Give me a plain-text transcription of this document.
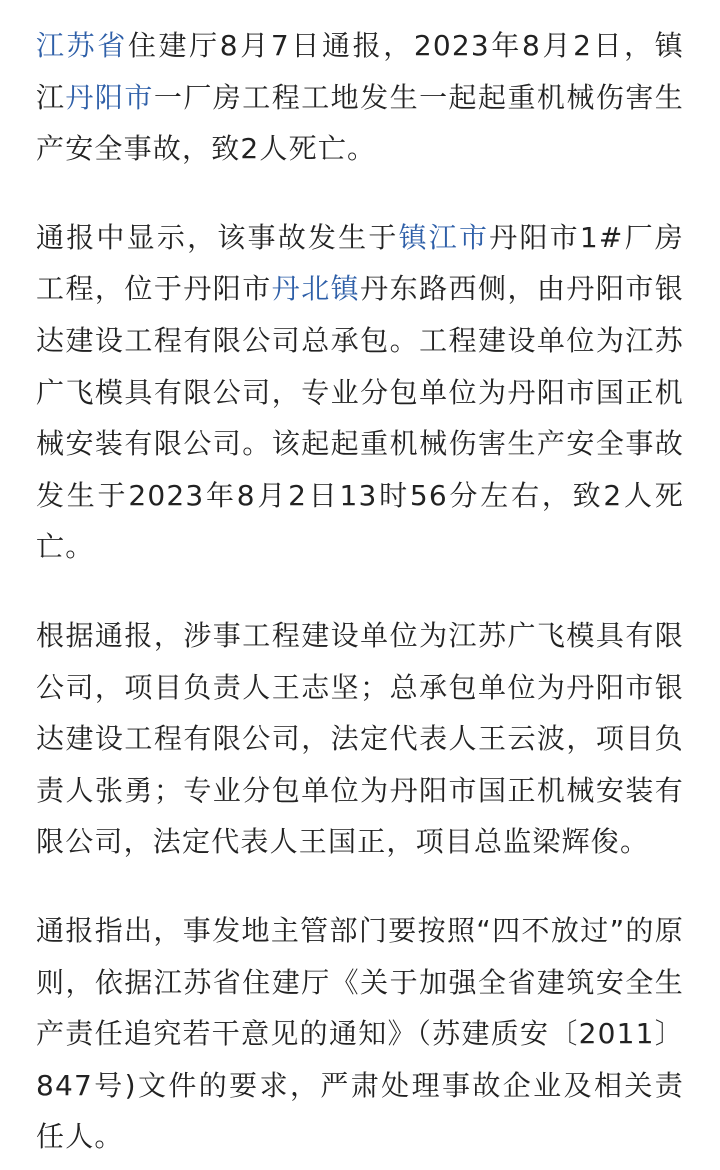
江苏省住建厅8月7日通报，2023年8月2日，镇江丹阳市一厂房工程工地发生一起起重机械伤害生产安全事故，致2人死亡。

通报中显示，该事故发生于镇江市丹阳市1#厂房工程，位于丹阳市丹北镇丹东路西侧，由丹阳市银达建设工程有限公司总承包。工程建设单位为江苏广飞模具有限公司，专业分包单位为丹阳市国正机械安装有限公司。该起起重机械伤害生产安全事故发生于2023年8月2日13时56分左右，致2人死亡。

根据通报，涉事工程建设单位为江苏广飞模具有限公司，项目负责人王志坚；总承包单位为丹阳市银达建设工程有限公司，法定代表人王云波，项目负责人张勇；专业分包单位为丹阳市国正机械安装有限公司，法定代表人王国正，项目总监梁辉俊。

通报指出，事发地主管部门要按照“四不放过”的原则，依据江苏省住建厅《关于加强全省建筑安全生产责任追究若干意见的通知》（苏建质安〔2011〕847号)文件的要求，严肃处理事故企业及相关责任人。
